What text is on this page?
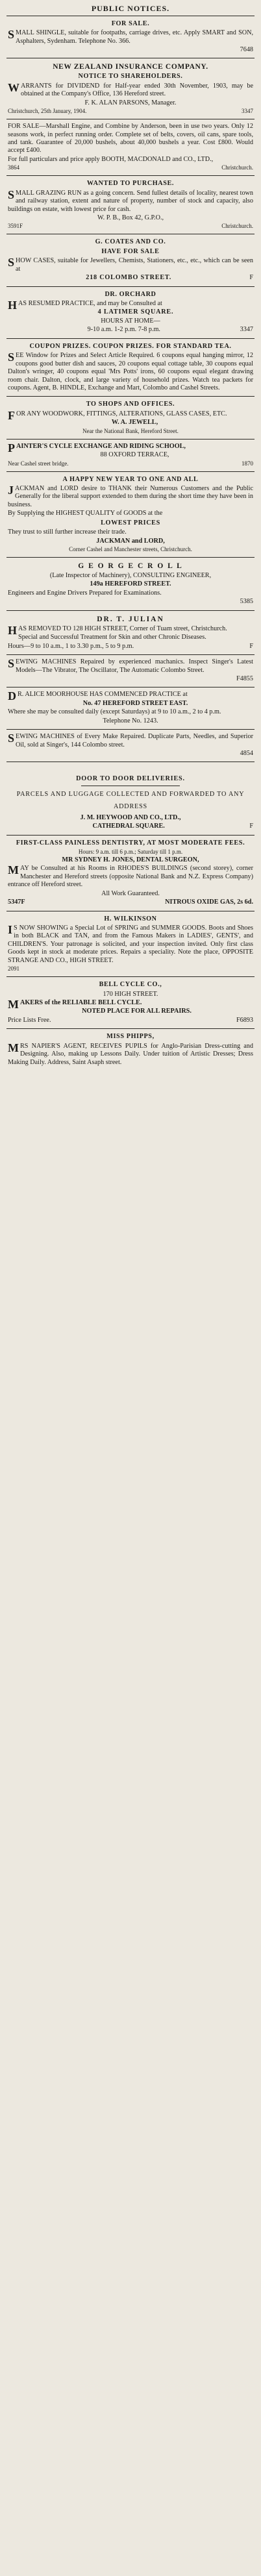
PUBLIC NOTICES.
FOR SALE.
SMALL SHINGLE, suitable for footpaths, carriage drives, etc. Apply SMART and SON, Asphalters, Sydenham. Telephone No. 366.
7648
NEW ZEALAND INSURANCE COMPANY.
NOTICE TO SHAREHOLDERS.
WARRANTS for DIVIDEND for Half-year ended 30th November, 1903, may be obtained at the Company's Office, 136 Hereford street.
F. K. ALAN PARSONS, Manager.
Christchurch, 25th January, 1904.	3347
FOR SALE—Marshall Engine, and Combine by Anderson, been in use two years. Only 12 seasons work, in perfect running order. Complete set of belts, covers, oil cans, spare tools, and tank. Guarantee of 20,000 bushels, about 40,000 bushels a year. Cost £800. Would accept £400.
For full particulars and price apply BOOTH, MACDONALD and CO., LTD.,
3864	Christchurch.
WANTED TO PURCHASE.
SMALL GRAZING RUN as a going concern. Send fullest details of locality, nearest town and railway station, extent and nature of property, number of stock and capacity, also buildings on estate, with lowest price for cash.
W. P. B., Box 42, G.P.O.,
3591F	Christchurch.
G. COATES AND CO.
HAVE FOR SALE
SHOW CASES, suitable for Jewellers, Chemists, Stationers, etc., etc., which can be seen at
218 COLOMBO STREET.	F
DR. ORCHARD
HAS RESUMED PRACTICE, and may be Consulted at
4 LATIMER SQUARE.
HOURS AT HOME—
9-10 a.m. 1-2 p.m. 7-8 p.m.	3347
COUPON PRIZES. COUPON PRIZES. FOR STANDARD TEA.
SEE Window for Prizes and Select Article Required. 6 coupons equal hanging mirror, 12 coupons good butter dish and sauces, 20 coupons equal cottage table, 30 coupons equal Dalton's wringer, 40 coupons equal 'Mrs Potts' irons, 60 coupons equal elegant drawing room chair. Dalton, clock, and large variety of household prizes. Watch tea packets for coupons. Agent, B. HINDLE, Exchange and Mart, Colombo and Cashel Streets.
TO SHOPS AND OFFICES.
FOR ANY WOODWORK, FITTINGS, ALTERATIONS, GLASS CASES, ETC.
W. A. JEWELL,
Near the National Bank, Hereford Street.
PAINTER'S CYCLE EXCHANGE AND RIDING SCHOOL,
88 OXFORD TERRACE,
Near Cashel street bridge.	1870
A HAPPY NEW YEAR TO ONE AND ALL
JACKMAN and LORD desire to THANK their Numerous Customers and the Public Generally for the liberal support extended to them during the short time they have been in business.
By Supplying the HIGHEST QUALITY of GOODS at the
LOWEST PRICES
They trust to still further increase their trade.
JACKMAN and LORD,
Corner Cashel and Manchester streets, Christchurch.
G E O R G E C R O L L
(Late Inspector of Machinery), CONSULTING ENGINEER,
149a HEREFORD STREET.
Engineers and Engine Drivers Prepared for Examinations.
5385
DR. T. JULIAN
HAS REMOVED TO 128 HIGH STREET, Corner of Tuam street, Christchurch.
Special and Successful Treatment for Skin and other Chronic Diseases.
Hours—9 to 10 a.m., 1 to 3.30 p.m., 5 to 9 p.m.	F
SEWING MACHINES Repaired by experienced machanics. Inspect Singer's Latest Models—The Vibrator, The Oscillator, The Automatic Colombo Street.
F4855
DR. ALICE MOORHOUSE HAS COMMENCED PRACTICE at
No. 47 HEREFORD STREET EAST.
Where she may be consulted daily (except Saturdays) at 9 to 10 a.m., 2 to 4 p.m.
Telephone No. 1243.
SEWING MACHINES of Every Make Repaired. Duplicate Parts, Needles, and Superior Oil, sold at Singer's, 144 Colombo street.
4854
DOOR TO DOOR DELIVERIES.
PARCELS AND LUGGAGE COLLECTED AND FORWARDED TO ANY ADDRESS
J. M. HEYWOOD AND CO., LTD.,
CATHEDRAL SQUARE.	F
FIRST-CLASS PAINLESS DENTISTRY, AT MOST MODERATE FEES.
Hours: 9 a.m. till 6 p.m.; Saturday till 1 p.m.
MR SYDNEY H. JONES, DENTAL SURGEON,
MAY be Consulted at his Rooms in RHODES'S BUILDINGS (second storey), corner Manchester and Hereford streets (opposite National Bank and N.Z. Express Company) entrance off Hereford street.
All Work Guaranteed.
5347F	NITROUS OXIDE GAS, 2s 6d.
H. WILKINSON
IS NOW SHOWING a Special Lot of SPRING and SUMMER GOODS. Boots and Shoes in both BLACK and TAN, and from the Famous Makers in LADIES', GENTS', and CHILDREN'S. Your patronage is solicited, and your inspection invited. Only first class Goods kept in stock at moderate prices. Repairs a speciality. Note the place, OPPOSITE STRANGE AND CO., HIGH STREET.
2091
BELL CYCLE CO.,
170 HIGH STREET.
MAKERS of the RELIABLE BELL CYCLE.
NOTED PLACE FOR ALL REPAIRS.
Price Lists Free.	F6893
MISS PHIPPS,
MRS NAPIER'S AGENT, RECEIVES PUPILS for Anglo-Parisian Dress-cutting and Designing. Also, making up Lessons Daily. Under tuition of Artistic Dresses; Dress Making Daily. Address, Saint Asaph street.
